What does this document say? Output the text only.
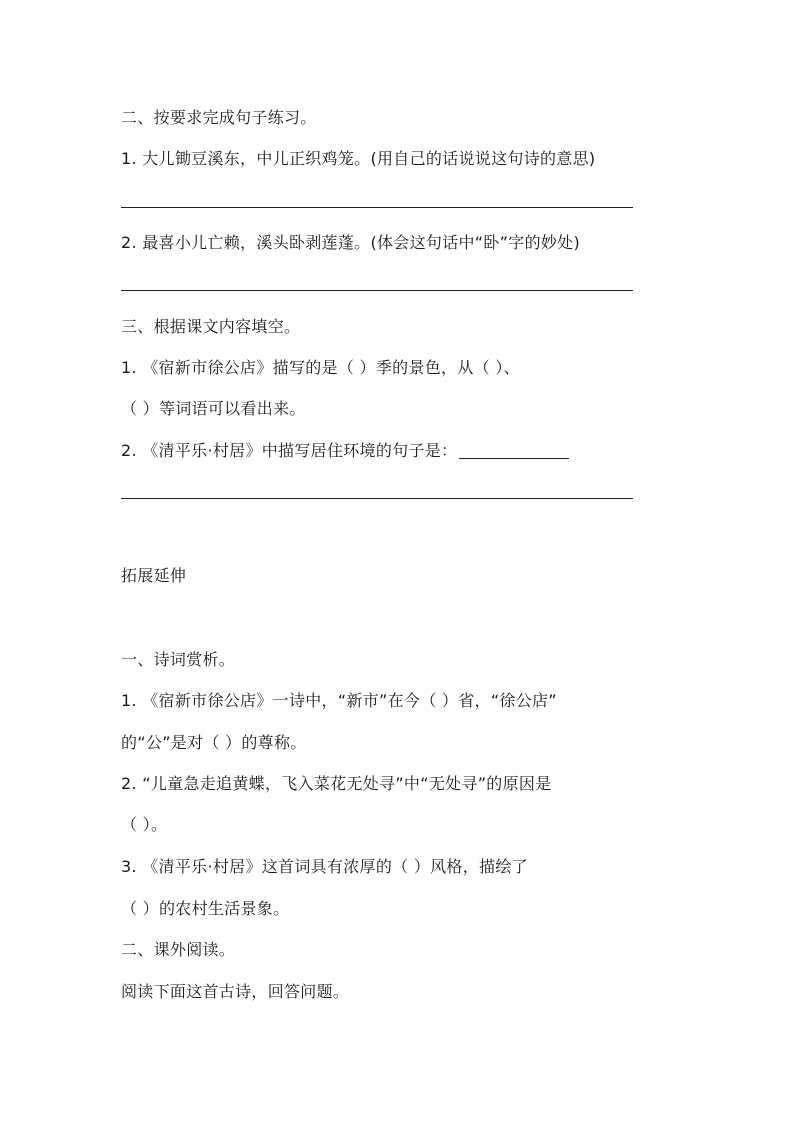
二、按要求完成句子练习。
1. 大儿锄豆溪东，中儿正织鸡笼。(用自己的话说说这句诗的意思)
2. 最喜小儿亡赖，溪头卧剥莲蓬。(体会这句话中“卧”字的妙处)
三、根据课文内容填空。
1. 《宿新市徐公店》描写的是（ ）季的景色，从（ ）、
（ ）等词语可以看出来。
2. 《清平乐·村居》中描写居住环境的句子是：
拓展延伸
一、诗词赏析。
1. 《宿新市徐公店》一诗中，“新市”在今（ ）省，“徐公店”
的“公”是对（ ）的尊称。
2. “儿童急走追黄蝶，飞入菜花无处寻”中“无处寻”的原因是
（ ）。
3. 《清平乐·村居》这首词具有浓厚的（ ）风格，描绘了
（ ）的农村生活景象。
二、课外阅读。
阅读下面这首古诗，回答问题。
